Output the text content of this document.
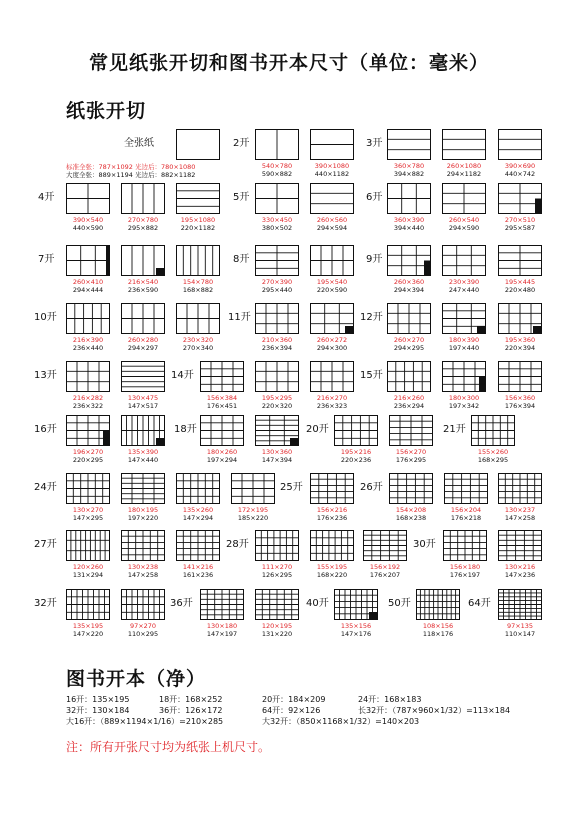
常见纸张开切和图书开本尺寸（单位：毫米）
纸张开切
图书开本（净）
全张纸
标准全张：787×1092 光边后：780×1080
大度全张：889×1194 光边后：882×1182
2开
540×780
590×882
390×1080
440×1182
3开
360×780
394×882
260×1080
294×1182
390×690
440×742
4开
390×540
440×590
270×780
295×882
195×1080
220×1182
5开
330×450
380×502
260×560
294×594
6开
360×390
394×440
260×540
294×590
270×510
295×587
7开
260×410
294×444
216×540
236×590
154×780
168×882
8开
270×390
295×440
195×540
220×590
9开
260×360
294×394
230×390
247×440
195×445
220×480
10开
216×390
236×440
260×280
294×297
230×320
270×340
11开
210×360
236×394
260×272
294×300
12开
260×270
294×295
180×390
197×440
195×360
220×394
13开
216×282
236×322
130×475
147×517
14开
156×384
176×451
195×295
220×320
216×270
236×323
15开
216×260
236×294
180×300
197×342
156×360
176×394
16开
196×270
220×295
135×390
147×440
18开
180×260
197×294
130×360
147×394
20开
195×216
220×236
156×270
176×295
21开
155×260
168×295
24开
130×270
147×295
180×195
197×220
135×260
147×294
172×195
185×220
25开
156×216
176×236
26开
154×208
168×238
156×204
176×218
130×237
147×258
27开
120×260
131×294
130×238
147×258
141×216
161×236
28开
111×270
126×295
155×195
168×220
156×192
176×207
30开
156×180
176×197
130×216
147×236
32开
135×195
147×220
97×270
110×295
36开
130×180
147×197
120×195
131×220
40开
135×156
147×176
50开
108×156
118×176
64开
97×135
110×147
16开：135×195	18开：168×252	20开：184×209	24开：168×183
32开：130×184	36开：126×172	64开：92×126	长32开：（787×960×1/32）=113×184
大16开：（889×1194×1/16）=210×285	大32开：（850×1168×1/32）=140×203
注：所有开张尺寸均为纸张上机尺寸。
